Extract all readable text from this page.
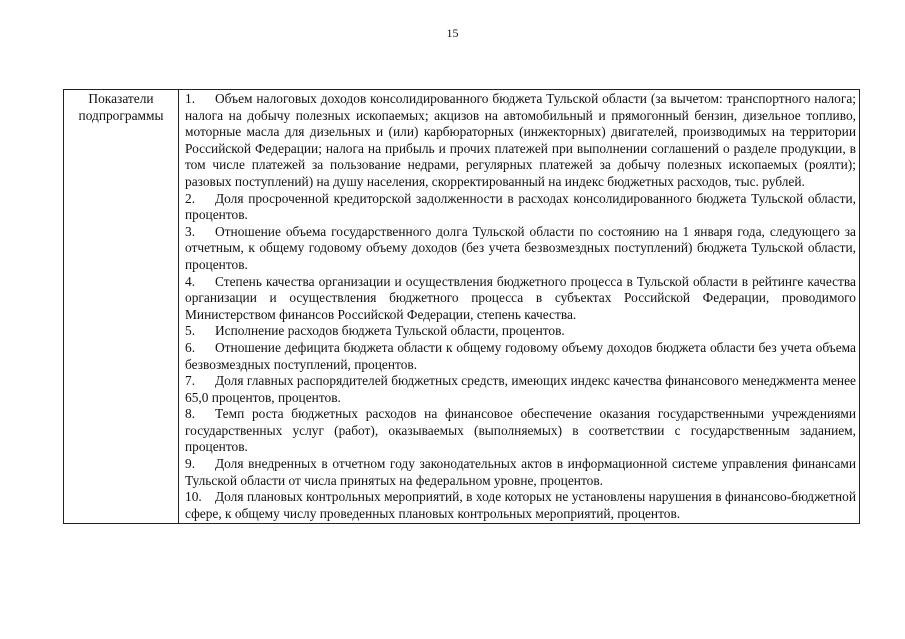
15
Показатели
подпрограммы	

1. Объем налоговых доходов консолидированного бюджета Тульской области (за вычетом: транспортного налога; налога на добычу полезных ископаемых; акцизов на автомобильный и прямогонный бензин, дизельное топливо, моторные масла для дизельных и (или) карбюраторных (инжекторных) двигателей, производимых на территории Российской Федерации; налога на прибыль и прочих платежей при выполнении соглашений о разделе продукции, в том числе платежей за пользование недрами, регулярных платежей за добычу полезных ископаемых (роялти); разовых поступлений) на душу населения, скорректированный на индекс бюджетных расходов, тыс. рублей.

2. Доля просроченной кредиторской задолженности в расходах консолидированного бюджета Тульской области, процентов.

3. Отношение объема государственного долга Тульской области по состоянию на 1 января года, следующего за отчетным, к общему годовому объему доходов (без учета безвозмездных поступлений) бюджета Тульской области, процентов.

4. Степень качества организации и осуществления бюджетного процесса в Тульской области в рейтинге качества организации и осуществления бюджетного процесса в субъектах Российской Федерации, проводимого Министерством финансов Российской Федерации, степень качества.

5. Исполнение расходов бюджета Тульской области, процентов.

6. Отношение дефицита бюджета области к общему годовому объему доходов бюджета области без учета объема безвозмездных поступлений, процентов.

7. Доля главных распорядителей бюджетных средств, имеющих индекс качества финансового менеджмента менее 65,0 процентов, процентов.

8. Темп роста бюджетных расходов на финансовое обеспечение оказания государственными учреждениями государственных услуг (работ), оказываемых (выполняемых) в соответствии с государственным заданием, процентов.

9. Доля внедренных в отчетном году законодательных актов в информационной системе управления финансами Тульской области от числа принятых на федеральном уровне, процентов.

10. Доля плановых контрольных мероприятий, в ходе которых не установлены нарушения в финансово-бюджетной сфере, к общему числу проведенных плановых контрольных мероприятий, процентов.
